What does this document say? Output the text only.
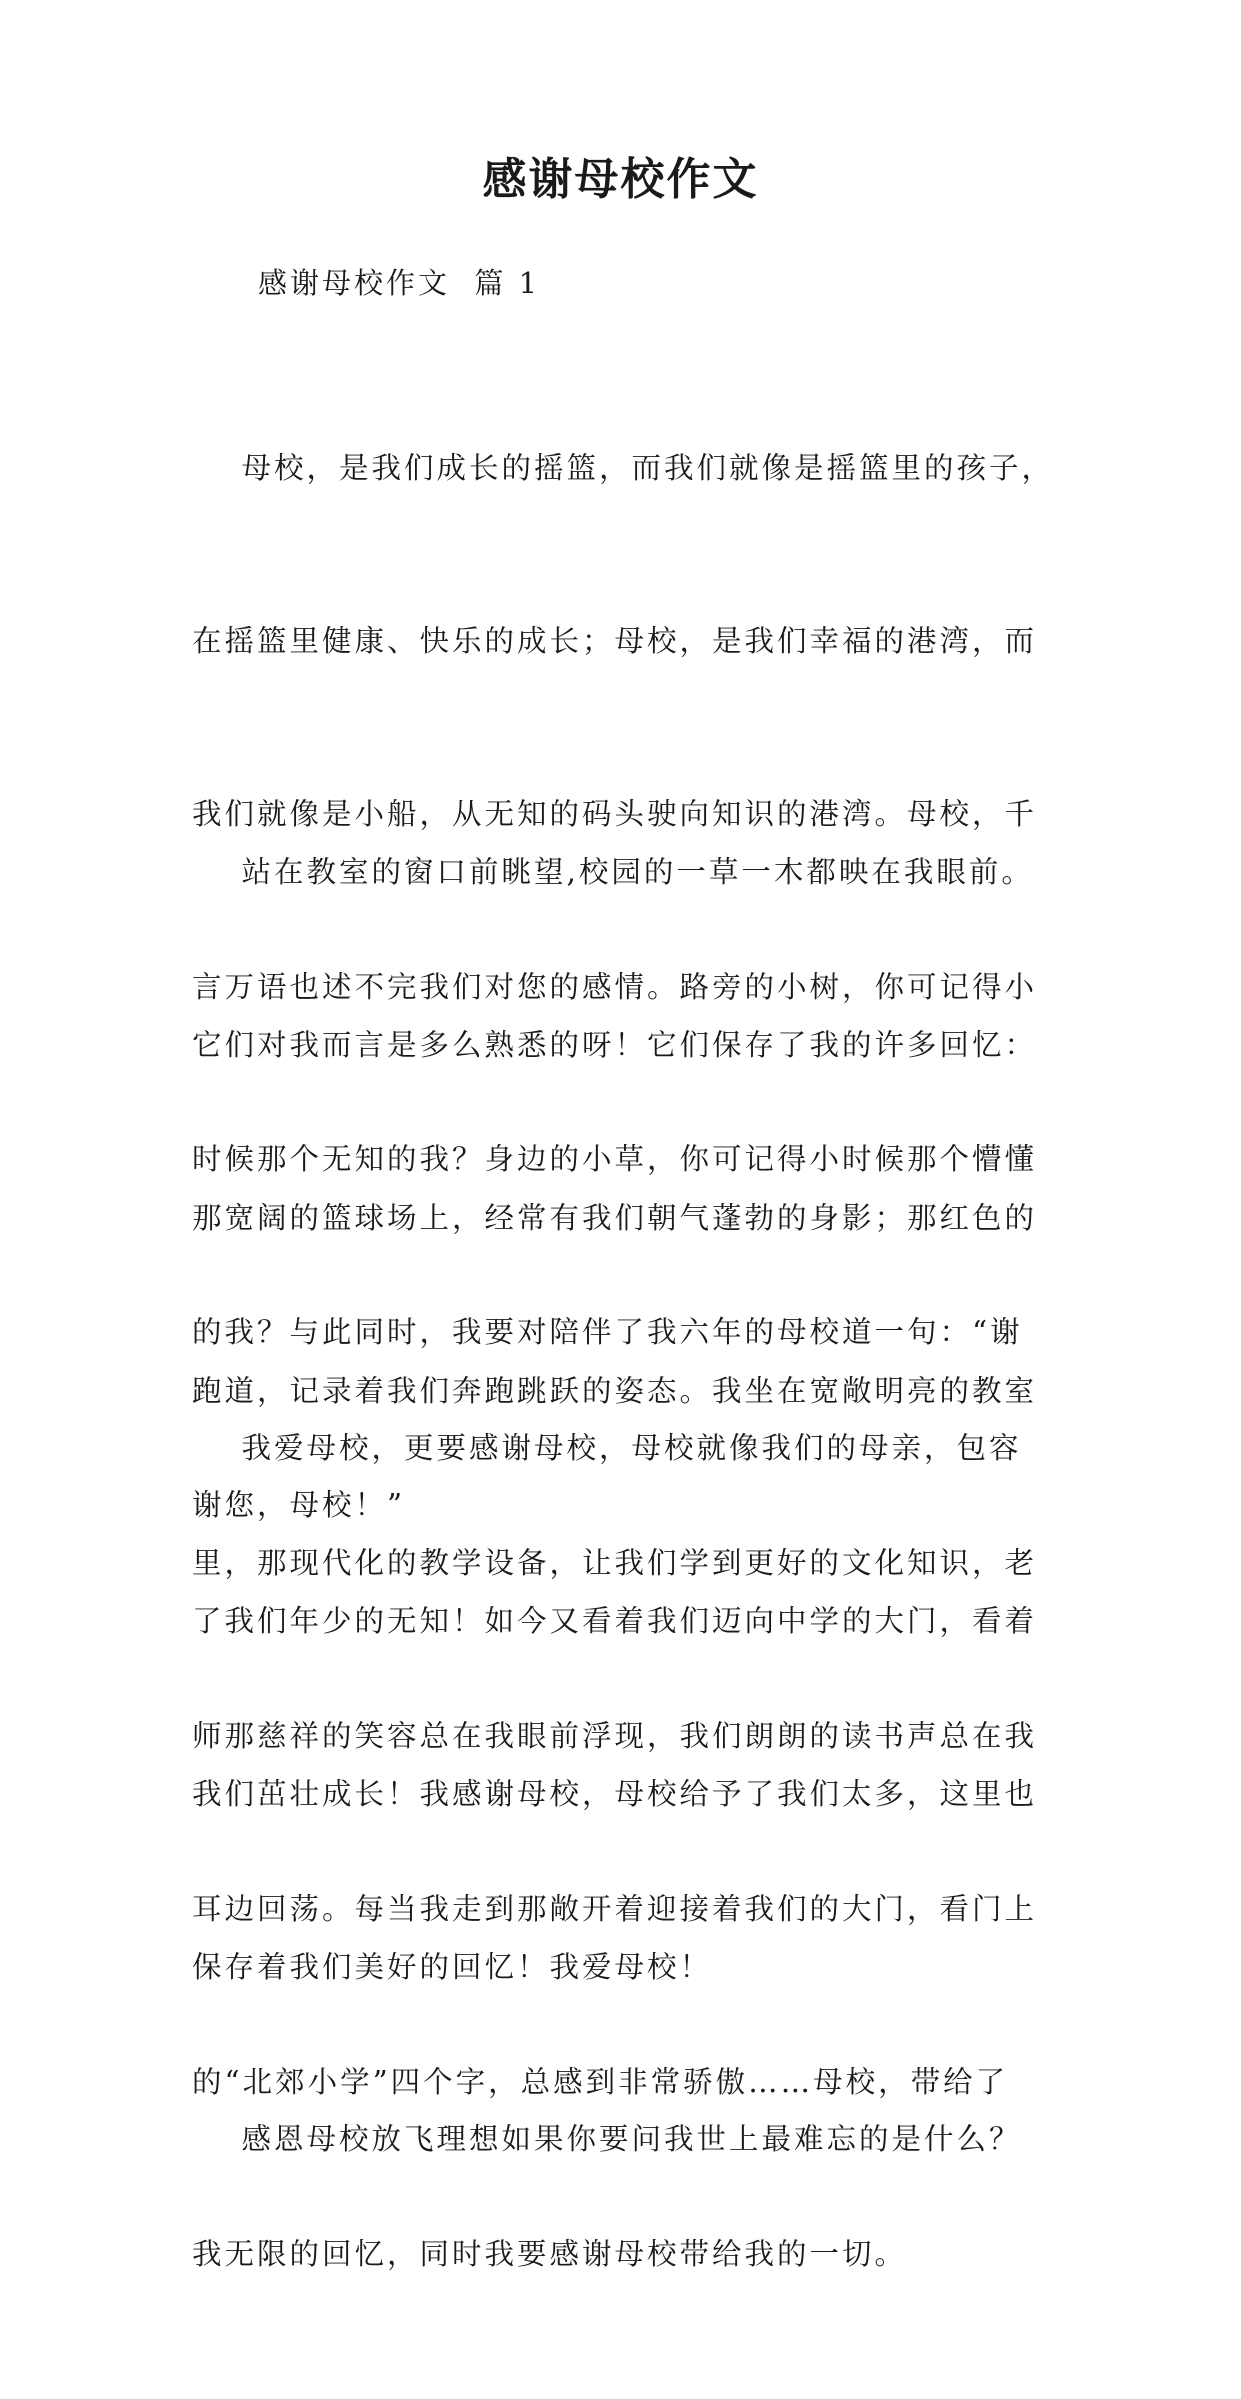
感谢母校作文

感谢母校作文  篇 1

母校，是我们成长的摇篮，而我们就像是摇篮里的孩子，

在摇篮里健康、快乐的成长；母校，是我们幸福的港湾，而

我们就像是小船，从无知的码头驶向知识的港湾。母校，千

言万语也述不完我们对您的感情。路旁的小树，你可记得小

时候那个无知的我？身边的小草，你可记得小时候那个懵懂

的我？与此同时，我要对陪伴了我六年的母校道一句：“谢

谢您，母校！”

站在教室的窗口前眺望,校园的一草一木都映在我眼前。

它们对我而言是多么熟悉的呀！它们保存了我的许多回忆：

那宽阔的篮球场上，经常有我们朝气蓬勃的身影；那红色的

跑道，记录着我们奔跑跳跃的姿态。我坐在宽敞明亮的教室

里，那现代化的教学设备，让我们学到更好的文化知识，老

师那慈祥的笑容总在我眼前浮现，我们朗朗的读书声总在我

耳边回荡。每当我走到那敞开着迎接着我们的大门，看门上

的“北郊小学”四个字，总感到非常骄傲……母校，带给了

我无限的回忆，同时我要感谢母校带给我的一切。

我爱母校，更要感谢母校，母校就像我们的母亲，包容

了我们年少的无知！如今又看着我们迈向中学的大门，看着

我们茁壮成长！我感谢母校，母校给予了我们太多，这里也

保存着我们美好的回忆！我爱母校！

感恩母校放飞理想如果你要问我世上最难忘的是什么？
